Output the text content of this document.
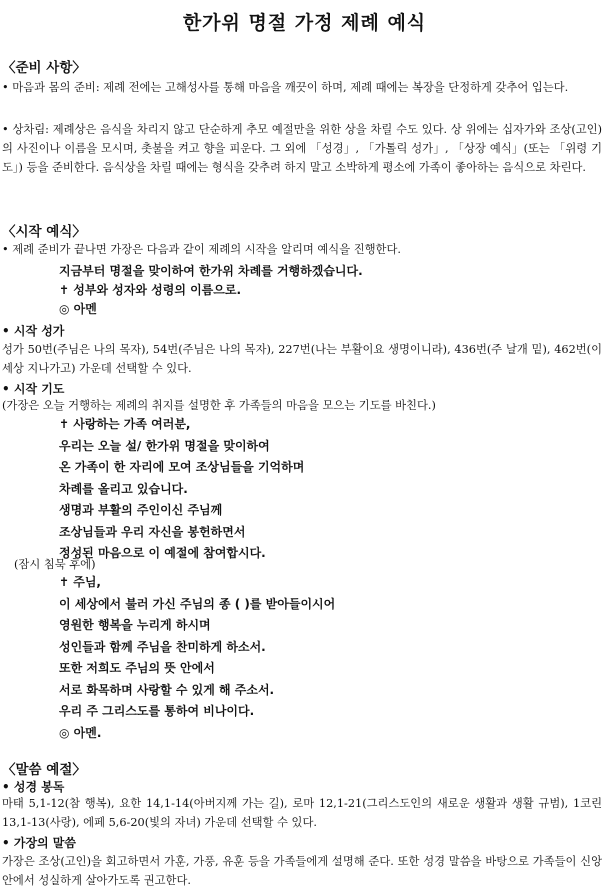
한가위 명절 가정 제례 예식
〈준비 사항〉

• 마음과 몸의 준비: 제례 전에는 고해성사를 통해 마음을 깨끗이 하며, 제례 때에는 복장을 단정하게 갖추어 입는다.

• 상차림: 제례상은 음식을 차리지 않고 단순하게 추모 예절만을 위한 상을 차릴 수도 있다. 상 위에는 십자가와 조상(고인)의 사진이나 이름을 모시며, 촛불을 켜고 향을 피운다. 그 외에 「성경」, 「가톨릭 성가」, 「상장 예식」(또는 「위령 기도」) 등을 준비한다. 음식상을 차릴 때에는 형식을 갖추려 하지 말고 소박하게 평소에 가족이 좋아하는 음식으로 차린다.

〈시작 예식〉

• 제례 준비가 끝나면 가장은 다음과 같이 제례의 시작을 알리며 예식을 진행한다.

지금부터 명절을 맞이하여 한가위 차례를 거행하겠습니다.
✝ 성부와 성자와 성령의 이름으로.
◎ 아멘
• 시작 성가

성가 50번(주님은 나의 목자), 54번(주님은 나의 목자), 227번(나는 부활이요 생명이니라), 436번(주 날개 밑), 462번(이 세상 지나가고) 가운데 선택할 수 있다.

• 시작 기도

(가장은 오늘 거행하는 제례의 취지를 설명한 후 가족들의 마음을 모으는 기도를 바친다.)

✝ 사랑하는 가족 여러분,
우리는 오늘 설/ 한가위 명절을 맞이하여
온 가족이 한 자리에 모여 조상님들을 기억하며
차례를 올리고 있습니다.
생명과 부활의 주인이신 주님께
조상님들과 우리 자신을 봉헌하면서
정성된 마음으로 이 예절에 참여합시다.
(잠시 침묵 후에)
✝ 주님,
이 세상에서 불러 가신 주님의 종 ( )를 받아들이시어
영원한 행복을 누리게 하시며
성인들과 함께 주님을 찬미하게 하소서.
또한 저희도 주님의 뜻 안에서
서로 화목하며 사랑할 수 있게 해 주소서.
우리 주 그리스도를 통하여 비나이다.
◎ 아멘.
〈말씀 예절〉
• 성경 봉독

마태 5,1-12(참 행복), 요한 14,1-14(아버지께 가는 길), 로마 12,1-21(그리스도인의 새로운 생활과 생활 규범), 1코린 13,1-13(사랑), 에페 5,6-20(빛의 자녀) 가운데 선택할 수 있다.

• 가장의 말씀

가장은 조상(고인)을 회고하면서 가훈, 가풍, 유훈 등을 가족들에게 설명해 준다. 또한 성경 말씀을 바탕으로 가족들이 신앙 안에서 성실하게 살아가도록 권고한다.
